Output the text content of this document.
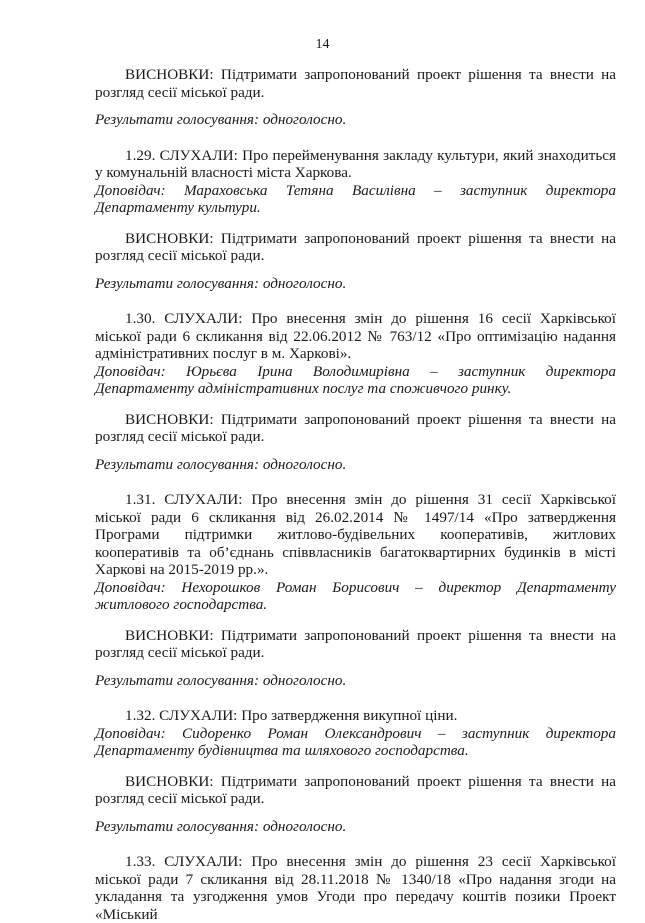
14

ВИСНОВКИ: Підтримати запропонований проект рішення та внести на розгляд сесії міської ради.

Результати голосування: одноголосно.

1.29. СЛУХАЛИ: Про перейменування закладу культури, який знаходиться у комунальній власності міста Харкова.

Доповідач: Мараховська Тетяна Василівна – заступник директора Департаменту культури.

ВИСНОВКИ: Підтримати запропонований проект рішення та внести на розгляд сесії міської ради.

Результати голосування: одноголосно.

1.30. СЛУХАЛИ: Про внесення змін до рішення 16 сесії Харківської міської ради 6 скликання від 22.06.2012 № 763/12 «Про оптимізацію надання адміністративних послуг в м. Харкові».

Доповідач: Юрьєва Ірина Володимирівна – заступник директора Департаменту адміністративних послуг та споживчого ринку.

ВИСНОВКИ: Підтримати запропонований проект рішення та внести на розгляд сесії міської ради.

Результати голосування: одноголосно.

1.31. СЛУХАЛИ: Про внесення змін до рішення 31 сесії Харківської міської ради 6 скликання від 26.02.2014 № 1497/14 «Про затвердження Програми підтримки житлово-будівельних кооперативів, житлових кооперативів та об’єднань співвласників багатоквартирних будинків в місті Харкові на 2015-2019 рр.».

Доповідач: Нехорошков Роман Борисович – директор Департаменту житлового господарства.

ВИСНОВКИ: Підтримати запропонований проект рішення та внести на розгляд сесії міської ради.

Результати голосування: одноголосно.

1.32. СЛУХАЛИ: Про затвердження викупної ціни.

Доповідач: Сидоренко Роман Олександрович – заступник директора Департаменту будівництва та шляхового господарства.

ВИСНОВКИ: Підтримати запропонований проект рішення та внести на розгляд сесії міської ради.

Результати голосування: одноголосно.

1.33. СЛУХАЛИ: Про внесення змін до рішення 23 сесії Харківської міської ради 7 скликання від 28.11.2018 № 1340/18 «Про надання згоди на укладання та узгодження умов Угоди про передачу коштів позики Проект «Міський
